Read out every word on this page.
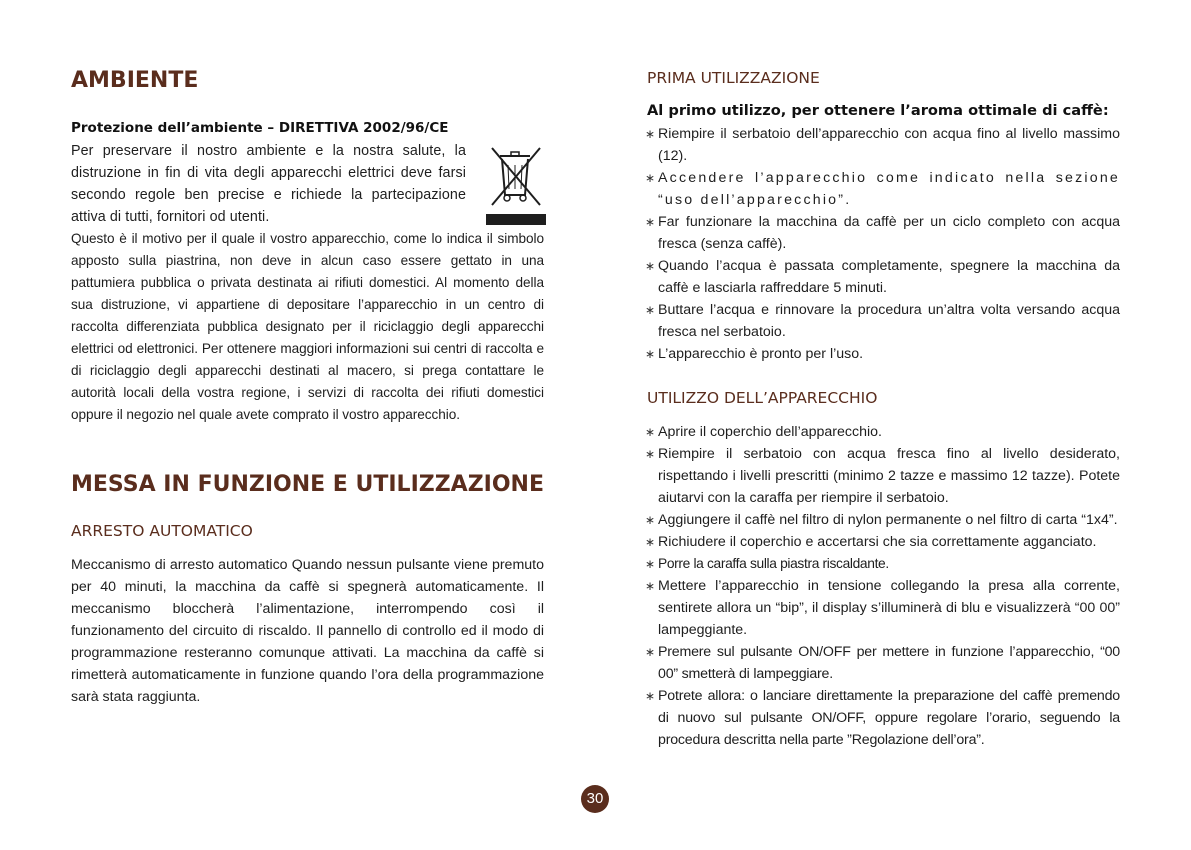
AMBIENTE

Protezione dell’ambiente – DIRETTIVA 2002/96/CE

Per preservare il nostro ambiente e la nostra salute, la distruzione in fin di vita degli apparecchi elettrici deve farsi secondo regole ben precise e richiede la partecipazione attiva di tutti, fornitori od utenti.

Questo è il motivo per il quale il vostro apparecchio, come lo indica il simbolo apposto sulla piastrina, non deve in alcun caso essere gettato in una pattumiera pubblica o privata destinata ai rifiuti domestici. Al momento della sua distruzione, vi appartiene di depositare l’apparecchio in un centro di raccolta differenziata pubblica designato per il riciclaggio degli apparecchi elettrici od elettronici. Per ottenere maggiori informazioni sui centri di raccolta e di riciclaggio degli apparecchi destinati al macero, si prega contattare le autorità locali della vostra regione, i servizi di raccolta dei rifiuti domestici oppure il negozio nel quale avete comprato il vostro apparecchio.

MESSA IN FUNZIONE E UTILIZZAZIONE
ARRESTO AUTOMATICO

Meccanismo di arresto automatico Quando nessun pulsante viene premuto per 40 minuti, la macchina da caffè si spegnerà automaticamente. Il meccanismo bloccherà l’alimentazione, interrompendo così il funzionamento del circuito di riscaldo. Il pannello di controllo ed il modo di programmazione resteranno comunque attivati. La macchina da caffè si rimetterà automaticamente in funzione quando l’ora della programmazione sarà stata raggiunta.

PRIMA UTILIZZAZIONE

Al primo utilizzo, per ottenere l’aroma ottimale di caffè:

∗ Riempire il serbatoio dell’apparecchio con acqua fino al livello massimo (12).
∗ Accendere l’apparecchio come indicato nella sezione “uso dell’apparecchio”.
∗ Far funzionare la macchina da caffè per un ciclo completo con acqua fresca (senza caffè).
∗ Quando l’acqua è passata completamente, spegnere la macchina da caffè e lasciarla raffreddare 5 minuti.
∗ Buttare l’acqua e rinnovare la procedura un’altra volta versando acqua fresca nel serbatoio.
∗ L’apparecchio è pronto per l’uso.
UTILIZZO DELL’APPARECCHIO
∗ Aprire il coperchio dell’apparecchio.
∗ Riempire il serbatoio con acqua fresca fino al livello desiderato, rispettando i livelli prescritti (minimo 2 tazze e massimo 12 tazze). Potete aiutarvi con la caraffa per riempire il serbatoio.
∗ Aggiungere il caffè nel filtro di nylon permanente o nel filtro di carta “1x4”.
∗ Richiudere il coperchio e accertarsi che sia correttamente agganciato.
∗ Porre la caraffa sulla piastra riscaldante.
∗ Mettere l’apparecchio in tensione collegando la presa alla corrente, sentirete allora un “bip”, il display s’illuminerà di blu e visualizzerà “00 00” lampeggiante.
∗ Premere sul pulsante ON/OFF per mettere in funzione l’apparecchio, “00 00” smetterà di lampeggiare.
∗ Potrete allora: o lanciare direttamente la preparazione del caffè premendo di nuovo sul pulsante ON/OFF, oppure regolare l’orario, seguendo la procedura descritta nella parte ”Regolazione dell’ora”.
30
